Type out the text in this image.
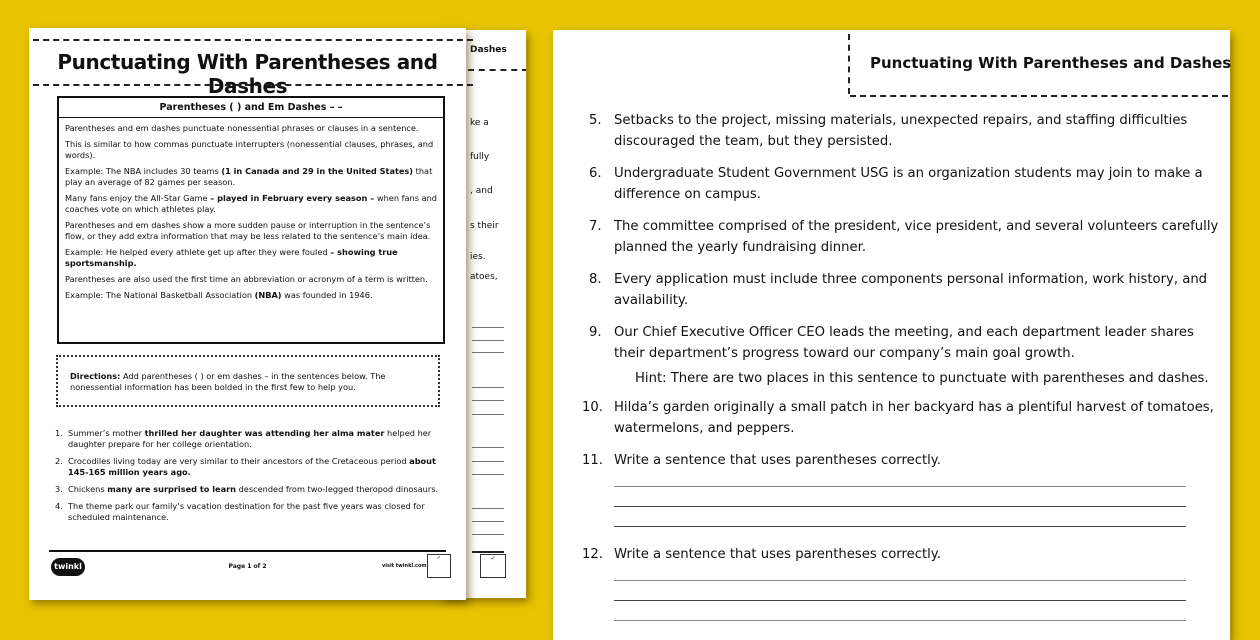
Dashes
ke a
fully
, and
s their
ies.
atoes,
✓
Punctuating With Parentheses and Dashes
Parentheses ( ) and Em Dashes – –

Parentheses and em dashes punctuate nonessential phrases or clauses in a sentence.

This is similar to how commas punctuate interrupters (nonessential clauses, phrases, and words).

Example: The NBA includes 30 teams (1 in Canada and 29 in the United States) that play an average of 82 games per season.

Many fans enjoy the All-Star Game – played in February every season – when fans and coaches vote on which athletes play.

Parentheses and em dashes show a more sudden pause or interruption in the sentence’s flow, or they add extra information that may be less related to the sentence’s main idea.

Example: He helped every athlete get up after they were fouled – showing true sportsmanship.

Parentheses are also used the first time an abbreviation or acronym of a term is written.

Example: The National Basketball Association (NBA) was founded in 1946.

Directions: Add parentheses ( ) or em dashes – in the sentences below. The nonessential information has been bolded in the first few to help you.
1. Summer’s mother thrilled her daughter was attending her alma mater helped her daughter prepare for her college orientation.
2. Crocodiles living today are very similar to their ancestors of the Cretaceous period about 145-165 million years ago.
3. Chickens many are surprised to learn descended from two-legged theropod dinosaurs.
4. The theme park our family’s vacation destination for the past five years was closed for scheduled maintenance.
twinkl	Page 1 of 2	visit twinkl.com
✓
Punctuating With Parentheses and Dashes
5. Setbacks to the project, missing materials, unexpected repairs, and staffing difficulties discouraged the team, but they persisted.
6. Undergraduate Student Government USG is an organization students may join to make a difference on campus.
7. The committee comprised of the president, vice president, and several volunteers carefully planned the yearly fundraising dinner.
8. Every application must include three components personal information, work history, and availability.
9. Our Chief Executive Officer CEO leads the meeting, and each department leader shares their department’s progress toward our company’s main goal growth.
Hint: There are two places in this sentence to punctuate with parentheses and dashes.
10. Hilda’s garden originally a small patch in her backyard has a plentiful harvest of tomatoes, watermelons, and peppers.
11. Write a sentence that uses parentheses correctly.
12. Write a sentence that uses parentheses correctly.
